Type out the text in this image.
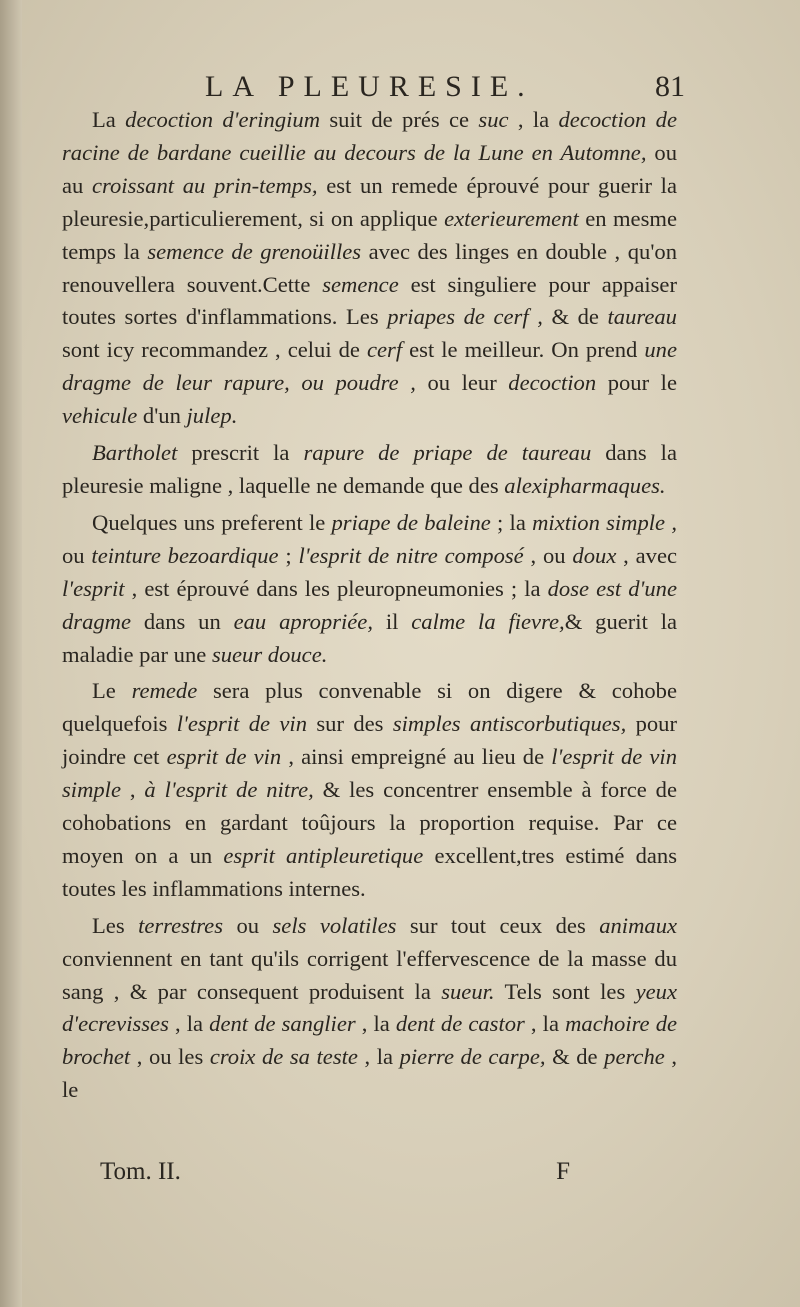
LA PLEURESIE.	81

La decoction d'eringium suit de prés ce suc , la decoction de racine de bardane cueillie au decours de la Lune en Automne, ou au croissant au prin-temps, est un remede éprouvé pour guerir la pleuresie,particulierement, si on applique exterieurement en mesme temps la semence de grenoüilles avec des linges en double , qu'on renouvellera souvent.Cette semence est singuliere pour appaiser toutes sortes d'inflammations. Les priapes de cerf , & de taureau sont icy recommandez , celui de cerf est le meilleur. On prend une dragme de leur rapure, ou poudre , ou leur decoction pour le vehicule d'un julep.

Bartholet prescrit la rapure de priape de taureau dans la pleuresie maligne , laquelle ne demande que des alexipharmaques.

Quelques uns preferent le priape de baleine ; la mixtion simple , ou teinture bezoardique ; l'esprit de nitre composé , ou doux , avec l'esprit , est éprouvé dans les pleuropneumonies ; la dose est d'une dragme dans un eau apropriée, il calme la fievre,& guerit la maladie par une sueur douce.

Le remede sera plus convenable si on digere & cohobe quelquefois l'esprit de vin sur des simples antiscorbutiques, pour joindre cet esprit de vin , ainsi empreigné au lieu de l'esprit de vin simple , à l'esprit de nitre, & les concentrer ensemble à force de cohobations en gardant toûjours la proportion requise. Par ce moyen on a un esprit antipleuretique excellent,tres estimé dans toutes les inflammations internes.

Les terrestres ou sels volatiles sur tout ceux des animaux conviennent en tant qu'ils corrigent l'effervescence de la masse du sang , & par consequent produisent la sueur. Tels sont les yeux d'ecrevisses , la dent de sanglier , la dent de castor , la machoire de brochet , ou les croix de sa teste , la pierre de carpe, & de perche , le

Tom. II.	F
